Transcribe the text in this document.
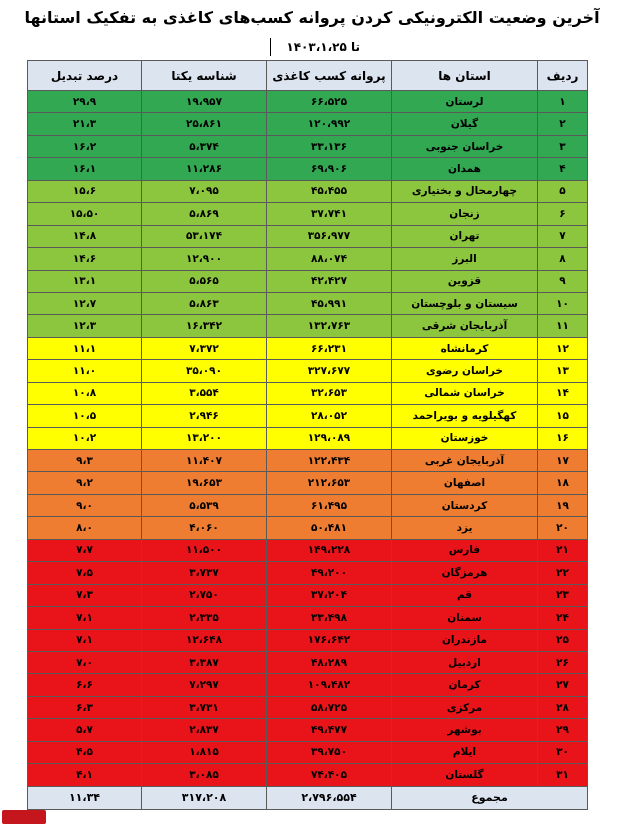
آخرین وضعیت الکترونیکی کردن پروانه کسب‌های کاغذی به تفکیک استانها
تا ۱۴۰۳،۱،۲۵
ردیف	استان ها	پروانه کسب کاغذی	شناسه یکتا	درصد تبدیل
۱	لرستان	۶۶،۵۲۵	۱۹،۹۵۷	۲۹،۹
۲	گیلان	۱۲۰،۹۹۲	۲۵،۸۶۱	۲۱،۳
۳	خراسان جنوبی	۳۳،۱۳۶	۵،۳۷۴	۱۶،۲
۴	همدان	۶۹،۹۰۶	۱۱،۲۸۶	۱۶،۱
۵	چهارمحال و بختیاری	۴۵،۴۵۵	۷،۰۹۵	۱۵،۶
۶	زنجان	۳۷،۷۴۱	۵،۸۶۹	۱۵،۵۰
۷	تهران	۳۵۶،۹۷۷	۵۳،۱۷۴	۱۴،۸
۸	البرز	۸۸،۰۷۴	۱۲،۹۰۰	۱۴،۶
۹	قزوین	۴۲،۴۲۷	۵،۵۶۵	۱۳،۱
۱۰	سیستان و بلوچستان	۴۵،۹۹۱	۵،۸۶۳	۱۲،۷
۱۱	آذربایجان شرقی	۱۳۲،۷۶۳	۱۶،۳۴۲	۱۲،۳
۱۲	کرمانشاه	۶۶،۲۳۱	۷،۳۷۲	۱۱،۱
۱۳	خراسان رضوی	۳۲۷،۶۷۷	۳۵،۰۹۰	۱۱،۰
۱۴	خراسان شمالی	۳۲،۶۵۳	۳،۵۵۴	۱۰،۸
۱۵	کهگیلویه و بویراحمد	۲۸،۰۵۲	۲،۹۴۶	۱۰،۵
۱۶	خوزستان	۱۲۹،۰۸۹	۱۳،۲۰۰	۱۰،۲
۱۷	آذربایجان غربی	۱۲۲،۴۳۴	۱۱،۴۰۷	۹،۳
۱۸	اصفهان	۲۱۲،۶۵۳	۱۹،۶۵۳	۹،۲
۱۹	کردستان	۶۱،۴۹۵	۵،۵۳۹	۹،۰
۲۰	یزد	۵۰،۴۸۱	۴،۰۶۰	۸،۰
۲۱	فارس	۱۴۹،۲۲۸	۱۱،۵۰۰	۷،۷
۲۲	هرمزگان	۴۹،۲۰۰	۳،۷۳۷	۷،۵
۲۳	قم	۳۷،۲۰۴	۲،۷۵۰	۷،۳
۲۴	سمنان	۳۳،۴۹۸	۲،۳۳۵	۷،۱
۲۵	مازندران	۱۷۶،۶۴۲	۱۲،۶۴۸	۷،۱
۲۶	اردبیل	۴۸،۲۸۹	۳،۳۸۷	۷،۰
۲۷	کرمان	۱۰۹،۴۸۲	۷،۲۹۷	۶،۶
۲۸	مرکزی	۵۸،۷۲۵	۳،۷۳۱	۶،۳
۲۹	بوشهر	۴۹،۴۷۷	۲،۸۳۷	۵،۷
۳۰	ایلام	۳۹،۷۵۰	۱،۸۱۵	۴،۵
۳۱	گلستان	۷۴،۴۰۵	۳،۰۸۵	۴،۱
مجموع		۲،۷۹۶،۵۵۴	۳۱۷،۲۰۸	۱۱،۳۴
